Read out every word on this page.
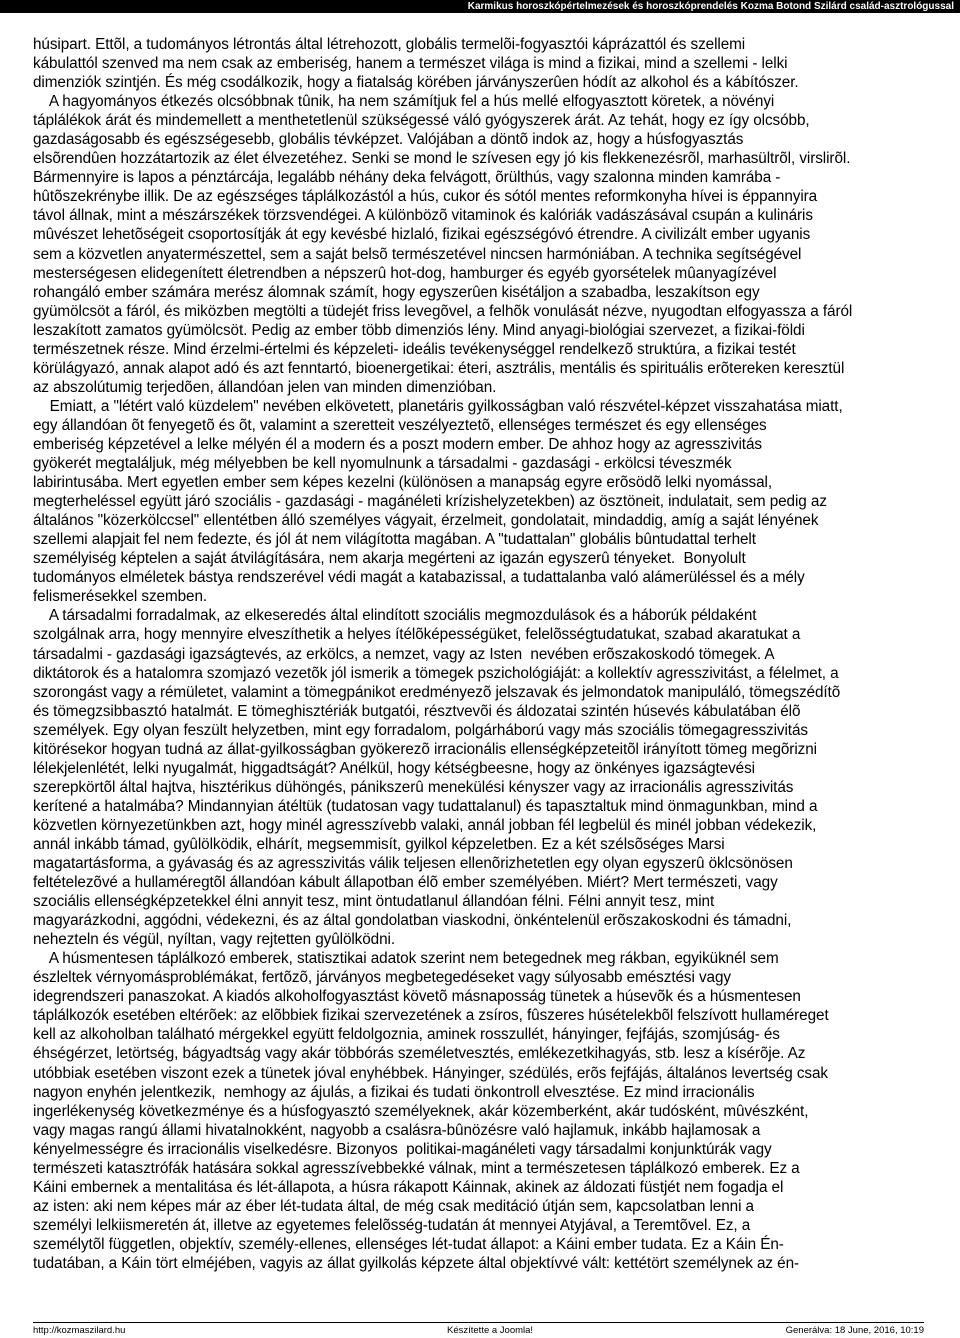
Karmikus horoszkópértelmezések és horoszkóprendelés Kozma Botond Szilárd család-asztrológussal
húsipart. Ettõl, a tudományos létrontás által létrehozott, globális termelõi-fogyasztói káprázattól és szellemi
kábulattól szenved ma nem csak az emberiség, hanem a természet világa is mind a fizikai, mind a szellemi - lelki
dimenziók szintjén. És még csodálkozik, hogy a fiatalság körében járványszerûen hódít az alkohol és a kábítószer.
A hagyományos étkezés olcsóbbnak tûnik, ha nem számítjuk fel a hús mellé elfogyasztott köretek, a növényi
táplálékok árát és mindemellett a menthetetlenül szükségessé váló gyógyszerek árát. Az tehát, hogy ez így olcsóbb,
gazdaságosabb és egészségesebb, globális tévképzet. Valójában a döntõ indok az, hogy a húsfogyasztás
elsõrendûen hozzátartozik az élet élvezetéhez. Senki se mond le szívesen egy jó kis flekkenezésrõl, marhasültrõl, virslirõl.
Bármennyire is lapos a pénztárcája, legalább néhány deka felvágott, õrülthús, vagy szalonna minden kamrába -
hûtõszekrénybe illik. De az egészséges táplálkozástól a hús, cukor és sótól mentes reformkonyha hívei is éppannyira
távol állnak, mint a mészárszékek törzsvendégei. A különbözõ vitaminok és kalóriák vadászásával csupán a kulináris
mûvészet lehetõségeit csoportosítják át egy kevésbé hizlaló, fizikai egészségóvó étrendre. A civilizált ember ugyanis
sem a közvetlen anyatermészettel, sem a saját belsõ természetével nincsen harmóniában. A technika segítségével
mesterségesen elidegenített életrendben a népszerû hot-dog, hamburger és egyéb gyorsételek mûanyagízével
rohangáló ember számára merész álomnak számít, hogy egyszerûen kisétáljon a szabadba, leszakítson egy
gyümölcsöt a fáról, és miközben megtölti a tüdejét friss levegõvel, a felhõk vonulását nézve, nyugodtan elfogyassza a fáról
leszakított zamatos gyümölcsöt. Pedig az ember több dimenziós lény. Mind anyagi-biológiai szervezet, a fizikai-földi
természetnek része. Mind érzelmi-értelmi és képzeleti- ideális tevékenységgel rendelkezõ struktúra, a fizikai testét
körülágyazó, annak alapot adó és azt fenntartó, bioenergetikai: éteri, asztrális, mentális és spirituális erõtereken keresztül
az abszolútumig terjedõen, állandóan jelen van minden dimenzióban.
Emiatt, a "létért való küzdelem" nevében elkövetett, planetáris gyilkosságban való részvétel-képzet visszahatása miatt,
egy állandóan õt fenyegetõ és õt, valamint a szeretteit veszélyeztetõ, ellenséges természet és egy ellenséges
emberiség képzetével a lelke mélyén él a modern és a poszt modern ember. De ahhoz hogy az agresszivitás
gyökerét megtaláljuk, még mélyebben be kell nyomulnunk a társadalmi - gazdasági - erkölcsi téveszmék
labirintusába. Mert egyetlen ember sem képes kezelni (különösen a manapság egyre erõsödõ lelki nyomással,
megterheléssel együtt járó szociális - gazdasági - magánéleti krízishelyzetekben) az ösztöneit, indulatait, sem pedig az
általános "közerkölccsel" ellentétben álló személyes vágyait, érzelmeit, gondolatait, mindaddig, amíg a saját lényének
szellemi alapjait fel nem fedezte, és jól át nem világította magában. A "tudattalan" globális bûntudattal terhelt
személyiség képtelen a saját átvilágítására, nem akarja megérteni az igazán egyszerû tényeket.  Bonyolult
tudományos elméletek bástya rendszerével védi magát a katabazissal, a tudattalanba való alámerüléssel és a mély
felismerésekkel szemben.
A társadalmi forradalmak, az elkeseredés által elindított szociális megmozdulások és a háborúk példaként
szolgálnak arra, hogy mennyire elveszíthetik a helyes ítélõképességüket, felelõsségtudatukat, szabad akaratukat a
társadalmi - gazdasági igazságtevés, az erkölcs, a nemzet, vagy az Isten  nevében erõszakoskodó tömegek. A
diktátorok és a hatalomra szomjazó vezetõk jól ismerik a tömegek pszichológiáját: a kollektív agresszivitást, a félelmet, a
szorongást vagy a rémületet, valamint a tömegpánikot eredményezõ jelszavak és jelmondatok manipuláló, tömegszédítõ
és tömegzsibbasztó hatalmát. E tömeghisztériák butgatói, résztvevõi és áldozatai szintén húsevés kábulatában élõ
személyek. Egy olyan feszült helyzetben, mint egy forradalom, polgárháború vagy más szociális tömegagresszivitás
kitörésekor hogyan tudná az állat-gyilkosságban gyökerezõ irracionális ellenségképzeteitõl irányított tömeg megõrizni
lélekjelenlétét, lelki nyugalmát, higgadtságát? Anélkül, hogy kétségbeesne, hogy az önkényes igazságtevési
szerepkörtõl által hajtva, hisztérikus dühöngés, pánikszerû menekülési kényszer vagy az irracionális agresszivitás
kerítené a hatalmába? Mindannyian átéltük (tudatosan vagy tudattalanul) és tapasztaltuk mind önmagunkban, mind a
közvetlen környezetünkben azt, hogy minél agresszívebb valaki, annál jobban fél legbelül és minél jobban védekezik,
annál inkább támad, gyûlölködik, elhárít, megsemmisít, gyilkol képzeletben. Ez a két szélsõséges Marsi
magatartásforma, a gyávaság és az agresszivitás válik teljesen ellenõrizhetetlen egy olyan egyszerû öklcsönösen
feltételezõvé a hullaméregtõl állandóan kábult állapotban élõ ember személyében. Miért? Mert természeti, vagy
szociális ellenségképzetekkel élni annyit tesz, mint öntudatlanul állandóan félni. Félni annyit tesz, mint
magyarázkodni, aggódni, védekezni, és az által gondolatban viaskodni, önkéntelenül erõszakoskodni és támadni,
nehezteln és végül, nyíltan, vagy rejtetten gyûlölködni.
A húsmentesen táplálkozó emberek, statisztikai adatok szerint nem betegednek meg rákban, egyiküknél sem
észleltek vérnyomásproblémákat, fertõzõ, járványos megbetegedéseket vagy súlyosabb emésztési vagy
idegrendszeri panaszokat. A kiadós alkoholfogyasztást követõ másnaposság tünetek a húsevõk és a húsmentesen
táplálkozók esetében eltérõek: az elõbbiek fizikai szervezetének a zsíros, fûszeres húsételekbõl felszívott hullaméreget
kell az alkoholban található mérgekkel együtt feldolgoznia, aminek rosszullét, hányinger, fejfájás, szomjúság- és
éhségérzet, letörtség, bágyadtság vagy akár többórás személetvesztés, emlékezetkihagyás, stb. lesz a kísérõje. Az
utóbbiak esetében viszont ezek a tünetek jóval enyhébbek. Hányinger, szédülés, erõs fejfájás, általános levertség csak
nagyon enyhén jelentkezik,  nemhogy az ájulás, a fizikai és tudati önkontroll elvesztése. Ez mind irracionális
ingerlékenység következménye és a húsfogyasztó személyeknek, akár közemberként, akár tudósként, mûvészként,
vagy magas rangú állami hivatalnokként, nagyobb a csalásra-bûnözésre való hajlamuk, inkább hajlamosak a
kényelmességre és irracionális viselkedésre. Bizonyos  politikai-magánéleti vagy társadalmi konjunktúrák vagy
természeti katasztrófák hatására sokkal agresszívebbekké válnak, mint a természetesen táplálkozó emberek. Ez a
Káini embernek a mentalitása és lét-állapota, a húsra rákapott Káinnak, akinek az áldozati füstjét nem fogadja el
az isten: aki nem képes már az éber lét-tudata által, de még csak meditáció útján sem, kapcsolatban lenni a
személyi lelkiismeretén át, illetve az egyetemes felelõsség-tudatán át mennyei Atyjával, a Teremtõvel. Ez, a
személytõl független, objektív, személy-ellenes, ellenséges lét-tudat állapot: a Káini ember tudata. Ez a Káin Én-
tudatában, a Káin tört elméjében, vagyis az állat gyilkolás képzete által objektívvé vált: kettétört személynek az én-
http://kozmaszilard.hu	Készítette a Joomla!	Generálva: 18 June, 2016, 10:19
